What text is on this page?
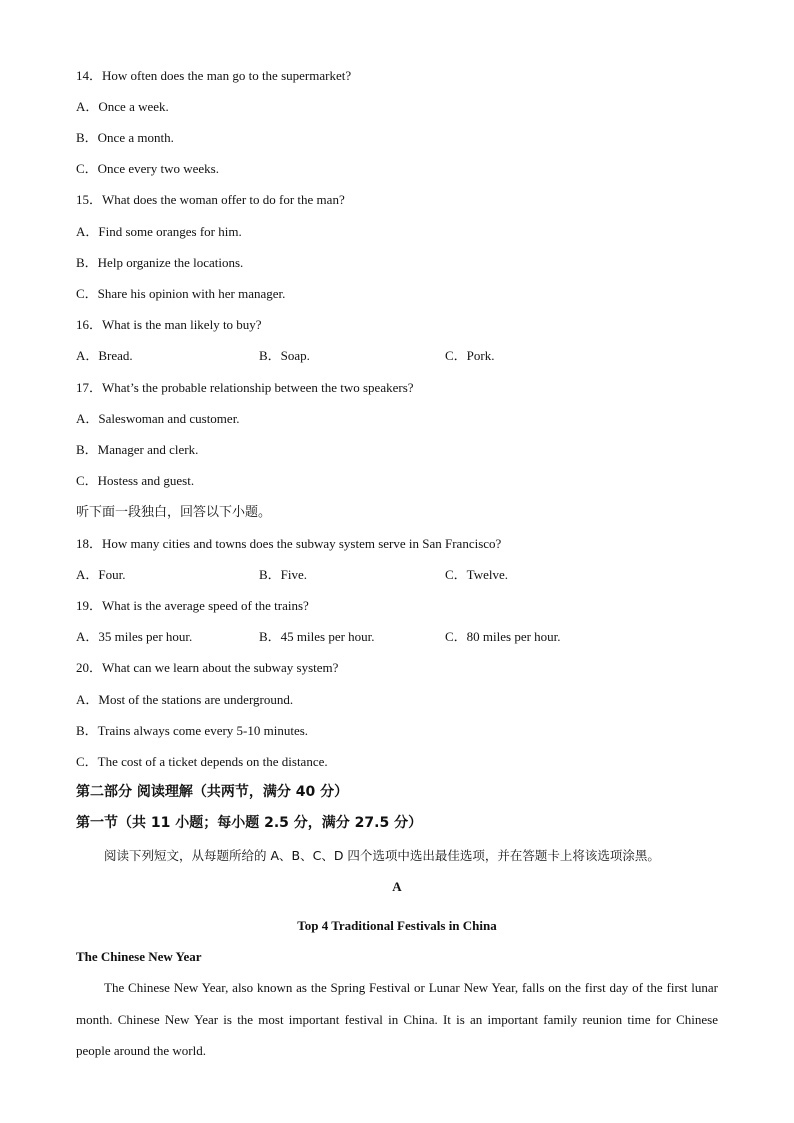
14．How often does the man go to the supermarket?
A．Once a week.
B．Once a month.
C．Once every two weeks.
15．What does the woman offer to do for the man?
A．Find some oranges for him.
B．Help organize the locations.
C．Share his opinion with her manager.
16．What is the man likely to buy?
A．Bread.	B．Soap.	C．Pork.
17．What’s the probable relationship between the two speakers?
A．Saleswoman and customer.
B．Manager and clerk.
C．Hostess and guest.
听下面一段独白，回答以下小题。
18．How many cities and towns does the subway system serve in San Francisco?
A．Four.	B．Five.	C．Twelve.
19．What is the average speed of the trains?
A．35 miles per hour.	B．45 miles per hour.	C．80 miles per hour.
20．What can we learn about the subway system?
A．Most of the stations are underground.
B．Trains always come every 5-10 minutes.
C．The cost of a ticket depends on the distance.
第二部分 阅读理解（共两节，满分 40 分）
第一节（共 11 小题；每小题 2.5 分，满分 27.5 分）
阅读下列短文，从每题所给的 A、B、C、D 四个选项中选出最佳选项，并在答题卡上将该选项涂黑。
A
Top 4 Traditional Festivals in China
The Chinese New Year
The Chinese New Year, also known as the Spring Festival or Lunar New Year, falls on the first day of the first lunar month. Chinese New Year is the most important festival in China. It is an important family reunion time for Chinese people around the world.
